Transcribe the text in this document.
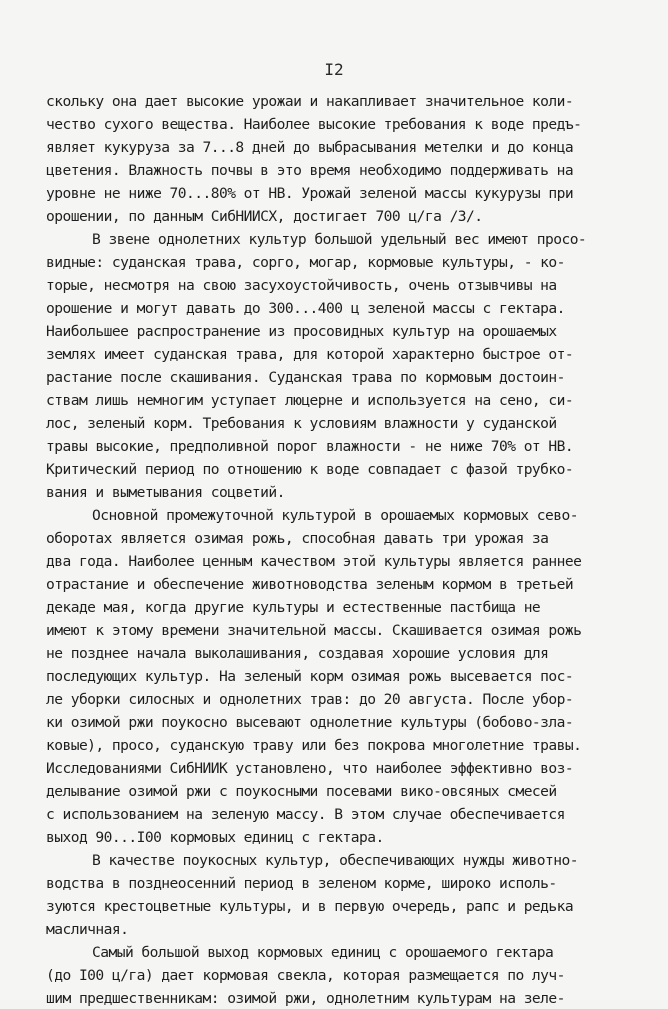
I2
скольку она дает высокие урожаи и накапливает значительное коли-
чество сухого вещества. Наиболее высокие требования к воде предъ-
являет кукуруза за 7...8 дней до выбрасывания метелки и до конца
цветения. Влажность почвы в это время необходимо поддерживать на
уровне не ниже 70...80% от НВ. Урожай зеленой массы кукурузы при
орошении, по данным СибНИИСХ, достигает 700 ц/га /3/.
В звене однолетних культур большой удельный вес имеют просо-
видные: суданская трава, сорго, могар, кормовые культуры, - ко-
торые, несмотря на свою засухоустойчивость, очень отзывчивы на
орошение и могут давать до 300...400 ц зеленой массы с гектара.
Наибольшее распространение из просовидных культур на орошаемых
землях имеет суданская трава, для которой характерно быстрое от-
растание после скашивания. Суданская трава по кормовым достоин-
ствам лишь немногим уступает люцерне и используется на сено, си-
лос, зеленый корм. Требования к условиям влажности у суданской
травы высокие, предполивной порог влажности - не ниже 70% от НВ.
Критический период по отношению к воде совпадает с фазой трубко-
вания и выметывания соцветий.
Основной промежуточной культурой в орошаемых кормовых сево-
оборотах является озимая рожь, способная давать три урожая за
два года. Наиболее ценным качеством этой культуры является раннее
отрастание и обеспечение животноводства зеленым кормом в третьей
декаде мая, когда другие культуры и естественные пастбища не
имеют к этому времени значительной массы. Скашивается озимая рожь
не позднее начала выколашивания, создавая хорошие условия для
последующих культур. На зеленый корм озимая рожь высевается пос-
ле уборки силосных и однолетних трав: до 20 августа. После убор-
ки озимой ржи поукосно высевают однолетние культуры (бобово-зла-
ковые), просо, суданскую траву или без покрова многолетние травы.
Исследованиями СибНИИК установлено, что наиболее эффективно воз-
делывание озимой ржи с поукосными посевами вико-овсяных смесей
с использованием на зеленую массу. В этом случае обеспечивается
выход 90...I00 кормовых единиц с гектара.
В качестве поукосных культур, обеспечивающих нужды животно-
водства в позднеосенний период в зеленом корме, широко исполь-
зуются крестоцветные культуры, и в первую очередь, рапс и редька
масличная.
Самый большой выход кормовых единиц с орошаемого гектара
(до I00 ц/га) дает кормовая свекла, которая размещается по луч-
шим предшественникам: озимой ржи, однолетним культурам на зеле-
